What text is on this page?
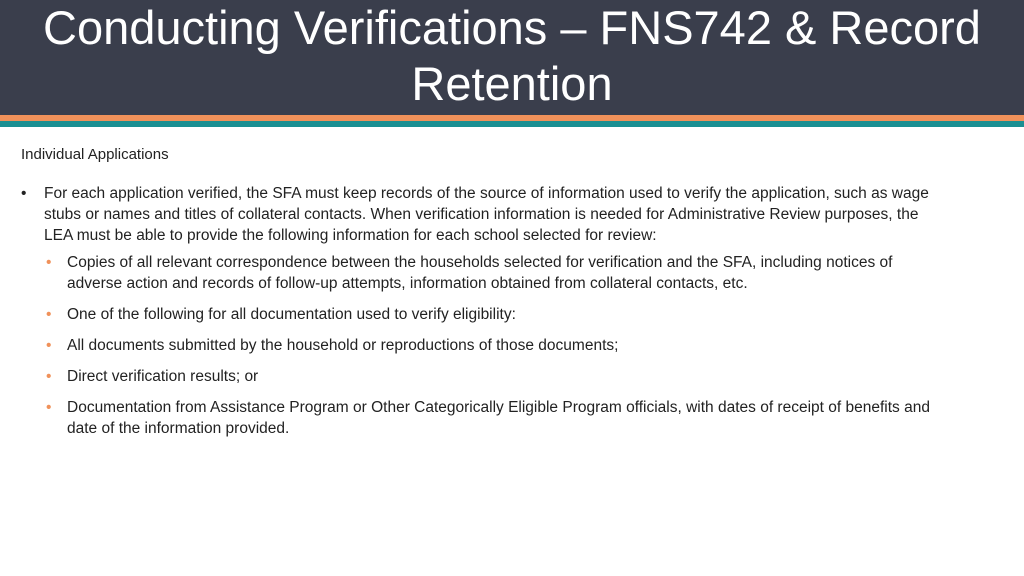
Conducting Verifications – FNS742 & Record Retention
Individual Applications
• For each application verified, the SFA must keep records of the source of information used to verify the application, such as wage stubs or names and titles of collateral contacts. When verification information is needed for Administrative Review purposes, the LEA must be able to provide the following information for each school selected for review:
• Copies of all relevant correspondence between the households selected for verification and the SFA, including notices of adverse action and records of follow-up attempts, information obtained from collateral contacts, etc.
• One of the following for all documentation used to verify eligibility:
• All documents submitted by the household or reproductions of those documents;
• Direct verification results; or
• Documentation from Assistance Program or Other Categorically Eligible Program officials, with dates of receipt of benefits and date of the information provided.
